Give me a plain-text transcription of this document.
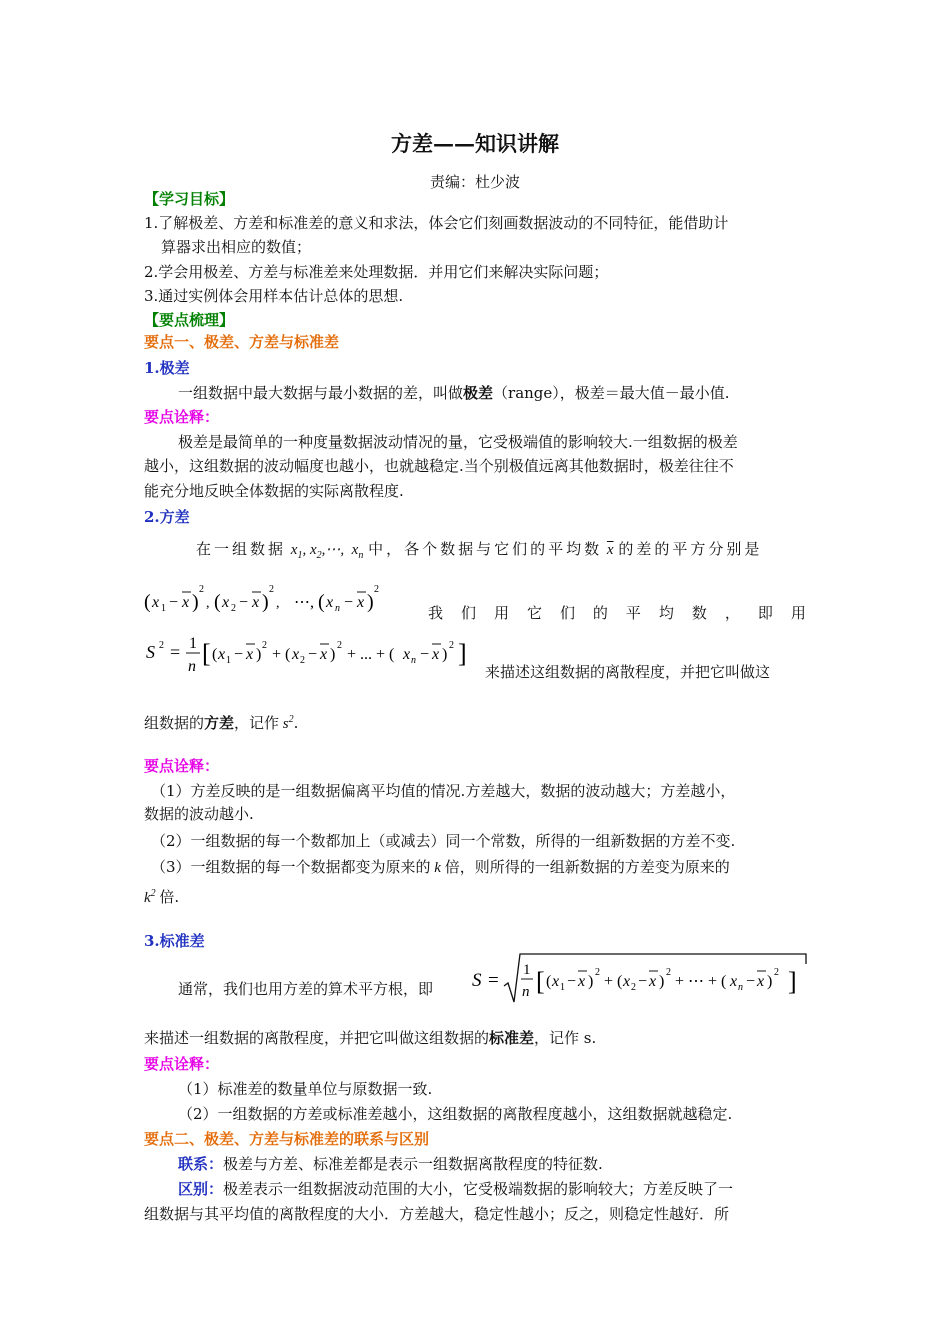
方差——知识讲解
责编：杜少波
【学习目标】
1.了解极差、方差和标准差的意义和求法，体会它们刻画数据波动的不同特征，能借助计
算器求出相应的数值；
2.学会用极差、方差与标准差来处理数据．并用它们来解决实际问题；
3.通过实例体会用样本估计总体的思想.
【要点梳理】
要点一、极差、方差与标准差
1.极差
一组数据中最大数据与最小数据的差，叫做极差（range），极差＝最大值－最小值.
要点诠释：
极差是最简单的一种度量数据波动情况的量，它受极端值的影响较大.一组数据的极差
越小，这组数据的波动幅度也越小，也就越稳定.当个别极值远离其他数据时，极差往往不
能充分地反映全体数据的实际离散程度.
2.方差
在一组数据 $x_1$, $x_2,\cdots$,  $x_n$ 中，各个数据与它们的平均数 $\overline{x}$ 的差的平方分别是
( x 1 − x )
2
, ( x 2 − x )
2
, ⋯, ( x n − x )
2
我 们 用 它 们 的 平 均 数 ， 即 用
S 2 = 1
n [ ( x 1 − x )
2
+ ( x 2 − x )
2
+ ... + ( x n − x )
2 ]
来描述这组数据的离散程度，并把它叫做这
组数据的方差，记作 $s^2$.
要点诠释：
（1）方差反映的是一组数据偏离平均值的情况.方差越大，数据的波动越大；方差越小，
数据的波动越小.
（2）一组数据的每一个数都加上（或减去）同一个常数，所得的一组新数据的方差不变.
（3）一组数据的每一个数据都变为原来的 k 倍，则所得的一组新数据的方差变为原来的
$k^2$ 倍.
3.标准差
通常，我们也用方差的算术平方根，即 S = 1
n [ ( x 1 − x )
2
+ ( x 2 − x )
2
+ ⋯ + ( x n − x )
2 ]
来描述一组数据的离散程度，并把它叫做这组数据的标准差，记作 s.
要点诠释：
（1）标准差的数量单位与原数据一致.
（2）一组数据的方差或标准差越小，这组数据的离散程度越小，这组数据就越稳定.
要点二、极差、方差与标准差的联系与区别
联系：极差与方差、标准差都是表示一组数据离散程度的特征数.
区别：极差表示一组数据波动范围的大小，它受极端数据的影响较大；方差反映了一
组数据与其平均值的离散程度的大小．方差越大，稳定性越小；反之，则稳定性越好．所
